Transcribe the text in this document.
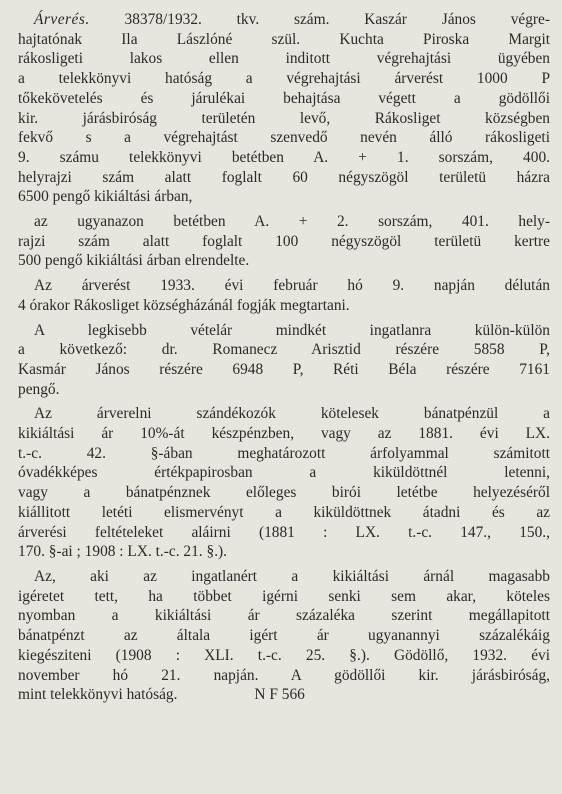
Árverés. 38378/1932. tkv. szám. Kaszár János végre-
hajtatónak Ila Lászlóné szül. Kuchta Piroska Margit
rákosligeti lakos ellen inditott végrehajtási ügyében
a telekkönyvi hatóság a végrehajtási árverést 1000 P
tőkekövetelés és járulékai behajtása végett a gödöllői
kir. járásbiróság területén levő, Rákosliget községben
fekvő s a végrehajtást szenvedő nevén álló rákosligeti
9. számu telekkönyvi betétben A. + 1. sorszám, 400.
helyrajzi szám alatt foglalt 60 négyszögöl területü házra
6500 pengő kikiáltási árban,
az ugyanazon betétben A. + 2. sorszám, 401. hely-
rajzi szám alatt foglalt 100 négyszögöl területü kertre
500 pengő kikiáltási árban elrendelte.
Az árverést 1933. évi február hó 9. napján délután
4 órakor Rákosliget községházánál fogják megtartani.
A legkisebb vételár mindkét ingatlanra külön-külön
a következő: dr. Romanecz Arisztid részére 5858 P,
Kasmár János részére 6948 P, Réti Béla részére 7161
pengő.
Az árverelni szándékozók kötelesek bánatpénzül a
kikiáltási ár 10%-át készpénzben, vagy az 1881. évi LX.
t.-c. 42. §-ában meghatározott árfolyammal számitott
óvadékképes értékpapirosban a kiküldöttnél letenni,
vagy a bánatpénznek előleges birói letétbe helyezéséről
kiállitott letéti elismervényt a kiküldöttnek átadni és az
árverési feltételeket aláirni (1881 : LX. t.-c. 147., 150.,
170. §-ai ; 1908 : LX. t.-c. 21. §.).
Az, aki az ingatlanért a kikiáltási árnál magasabb
igéretet tett, ha többet igérni senki sem akar, köteles
nyomban a kikiáltási ár százaléka szerint megállapitott
bánatpénzt az általa igért ár ugyanannyi százalékáig
kiegésziteni (1908 : XLI. t.-c. 25. §.). Gödöllő, 1932. évi
november hó 21. napján. A gödöllői kir. járásbiróság,
mint telekkönyvi hatóság.                    N F 566
